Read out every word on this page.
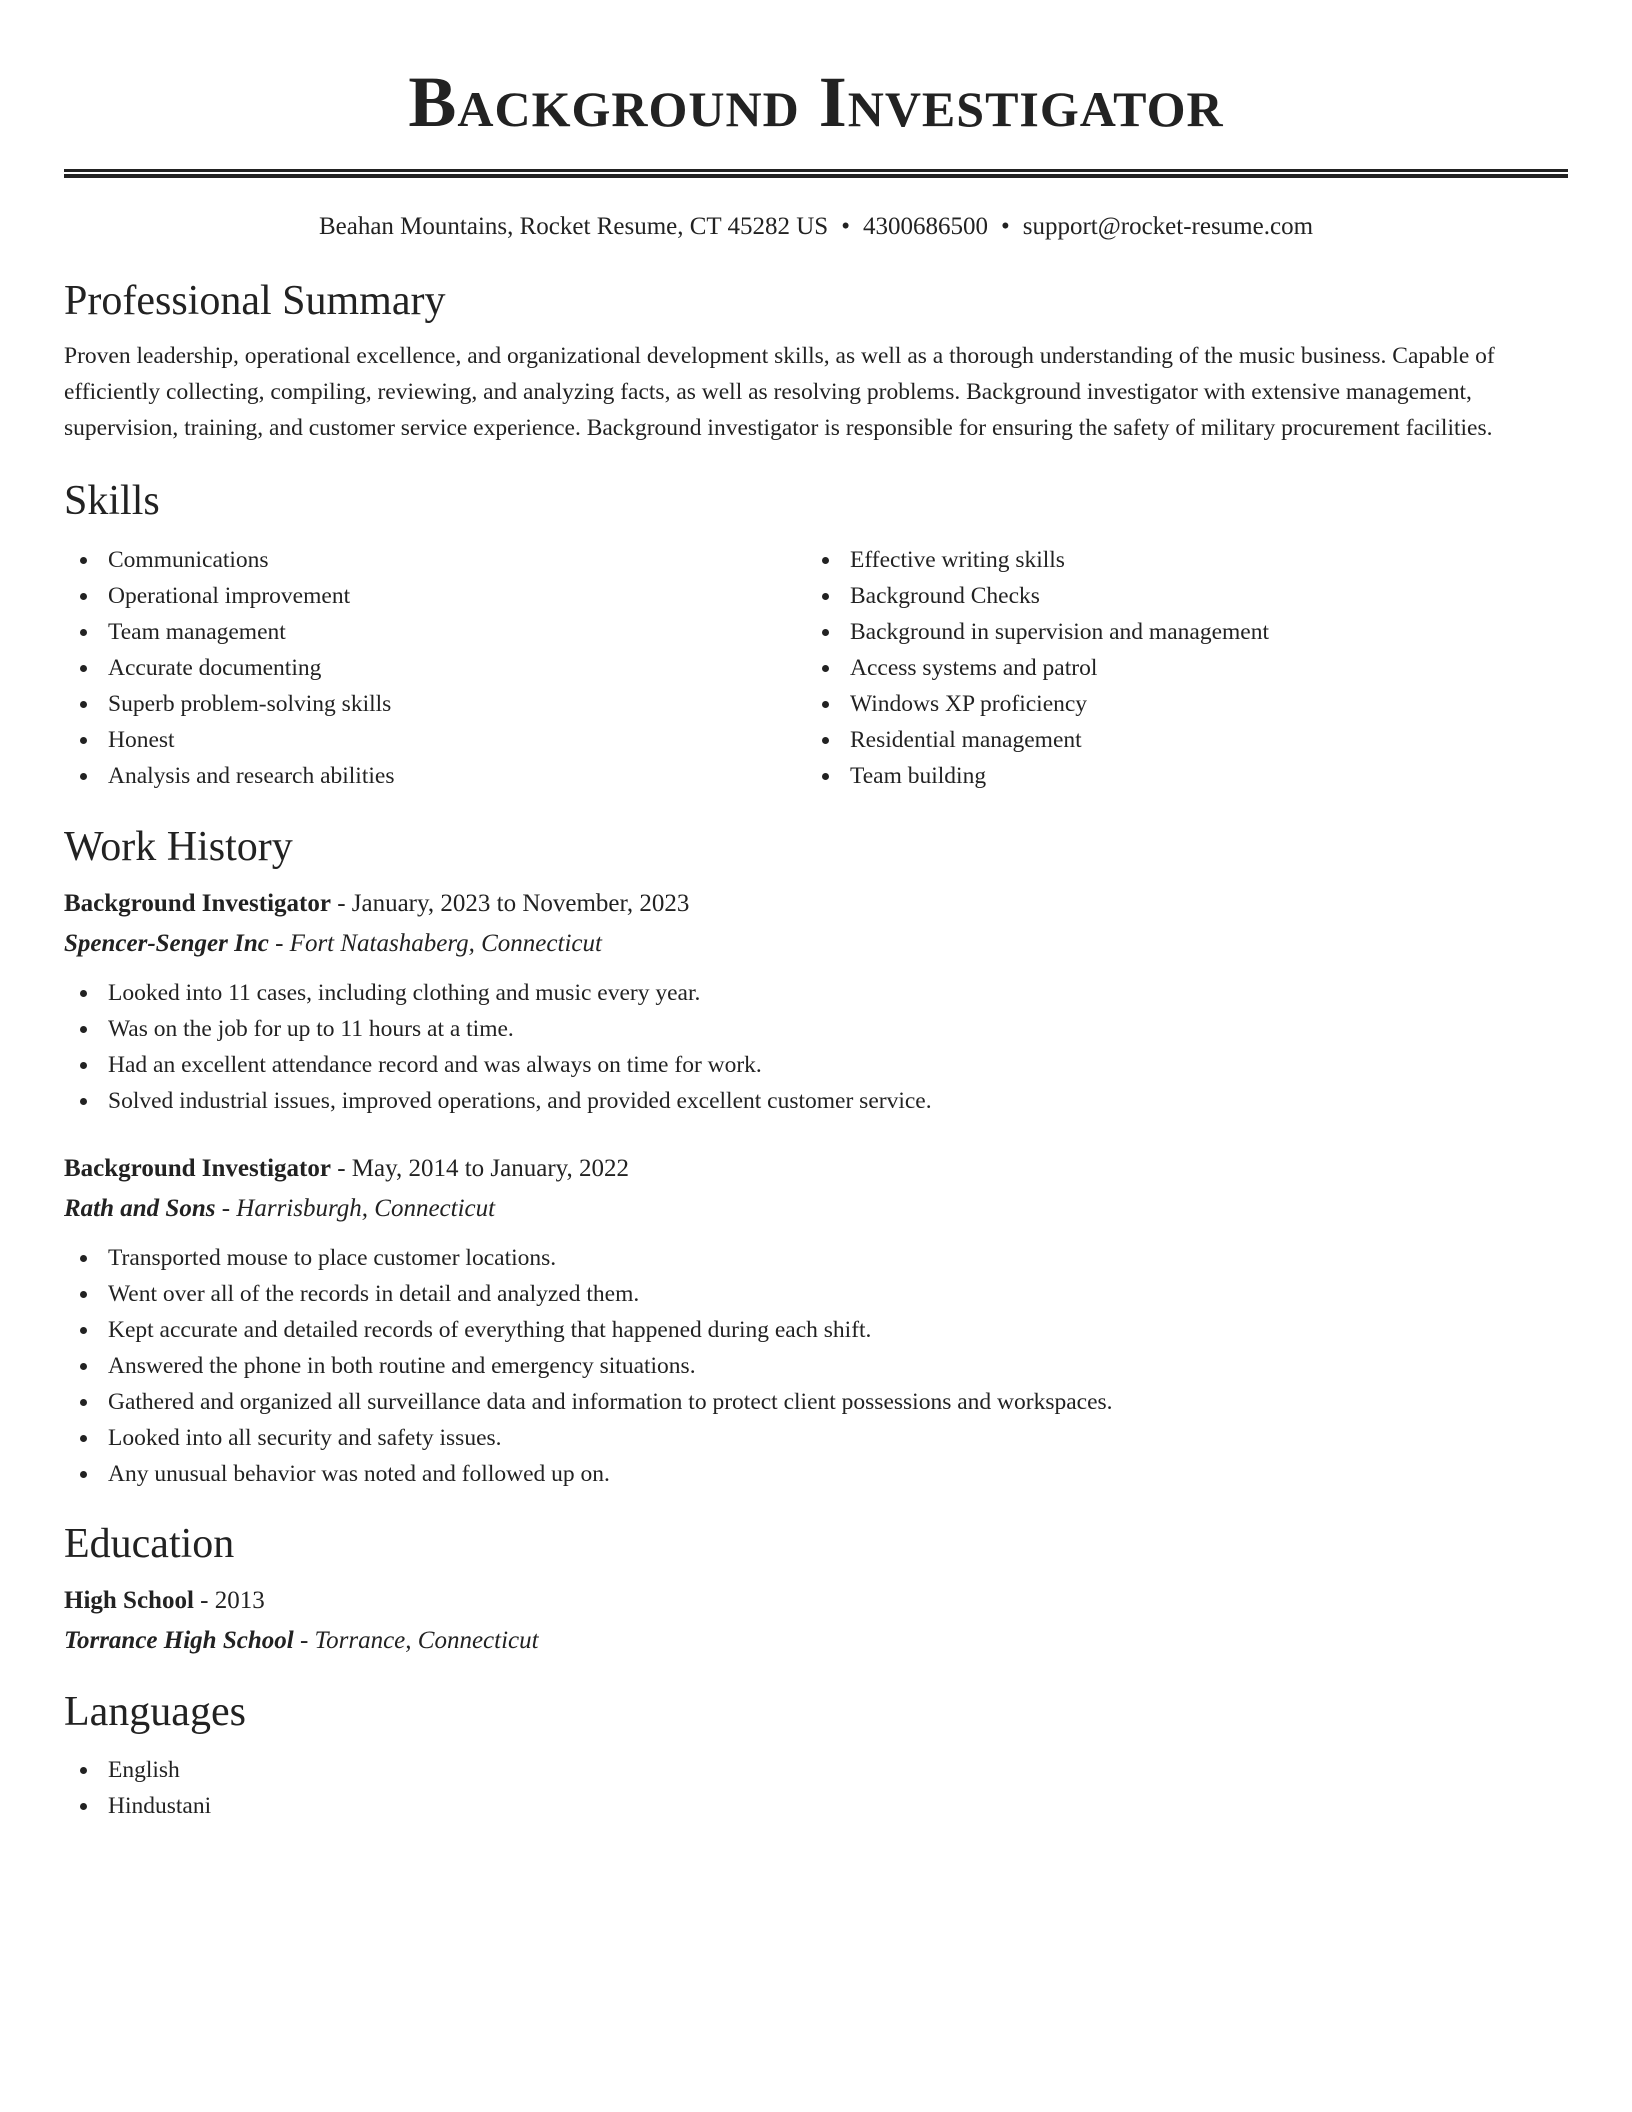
Background Investigator
Beahan Mountains, Rocket Resume, CT 45282 US • 4300686500 • support@rocket-resume.com
Professional Summary

Proven leadership, operational excellence, and organizational development skills, as well as a thorough understanding of the music business. Capable of efficiently collecting, compiling, reviewing, and analyzing facts, as well as resolving problems. Background investigator with extensive management, supervision, training, and customer service experience. Background investigator is responsible for ensuring the safety of military procurement facilities.

Skills
Communications
Operational improvement
Team management
Accurate documenting
Superb problem-solving skills
Honest
Analysis and research abilities
Effective writing skills
Background Checks
Background in supervision and management
Access systems and patrol
Windows XP proficiency
Residential management
Team building
Work History
Background Investigator - January, 2023 to November, 2023
Spencer-Senger Inc - Fort Natashaberg, Connecticut
Looked into 11 cases, including clothing and music every year.
Was on the job for up to 11 hours at a time.
Had an excellent attendance record and was always on time for work.
Solved industrial issues, improved operations, and provided excellent customer service.
Background Investigator - May, 2014 to January, 2022
Rath and Sons - Harrisburgh, Connecticut
Transported mouse to place customer locations.
Went over all of the records in detail and analyzed them.
Kept accurate and detailed records of everything that happened during each shift.
Answered the phone in both routine and emergency situations.
Gathered and organized all surveillance data and information to protect client possessions and workspaces.
Looked into all security and safety issues.
Any unusual behavior was noted and followed up on.
Education
High School - 2013
Torrance High School - Torrance, Connecticut
Languages
English
Hindustani
